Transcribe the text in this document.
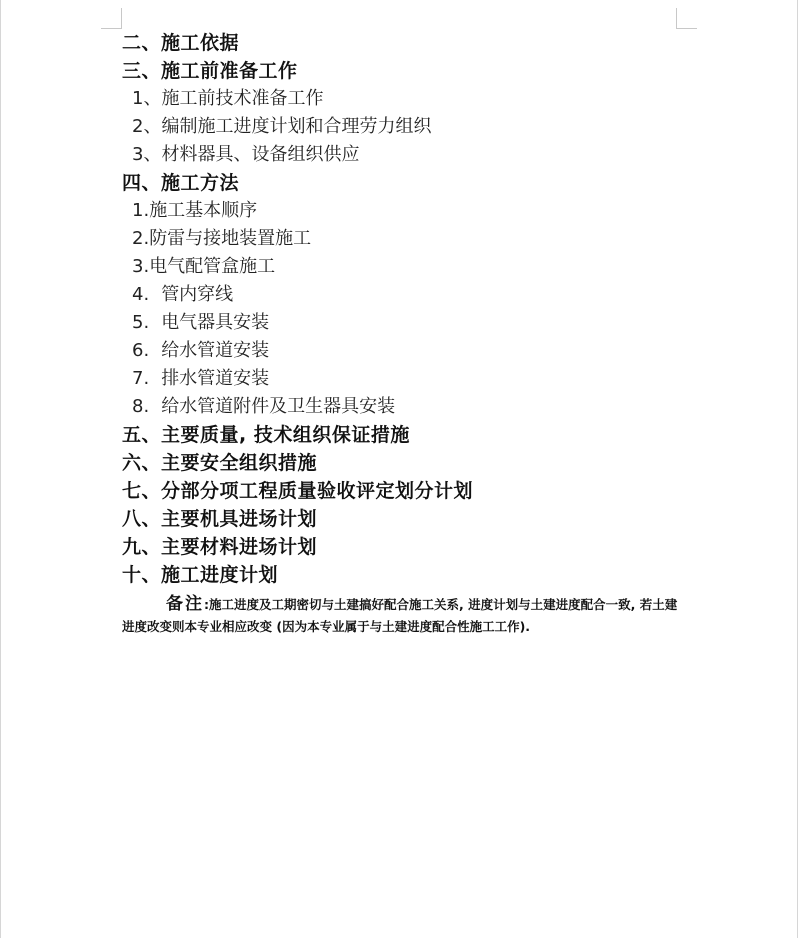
二、施工依据
三、施工前准备工作
1、施工前技术准备工作
2、编制施工进度计划和合理劳力组织
3、材料器具、设备组织供应
四、施工方法
1.施工基本顺序
2.防雷与接地装置施工
3.电气配管盒施工
4. 管内穿线
5. 电气器具安装
6. 给水管道安装
7. 排水管道安装
8. 给水管道附件及卫生器具安装
五、主要质量, 技术组织保证措施
六、主要安全组织措施
七、分部分项工程质量验收评定划分计划
八、主要机具进场计划
九、主要材料进场计划
十、施工进度计划
备注:施工进度及工期密切与土建搞好配合施工关系, 进度计划与土建进度配合一致, 若土建进度改变则本专业相应改变 (因为本专业属于与土建进度配合性施工工作).
